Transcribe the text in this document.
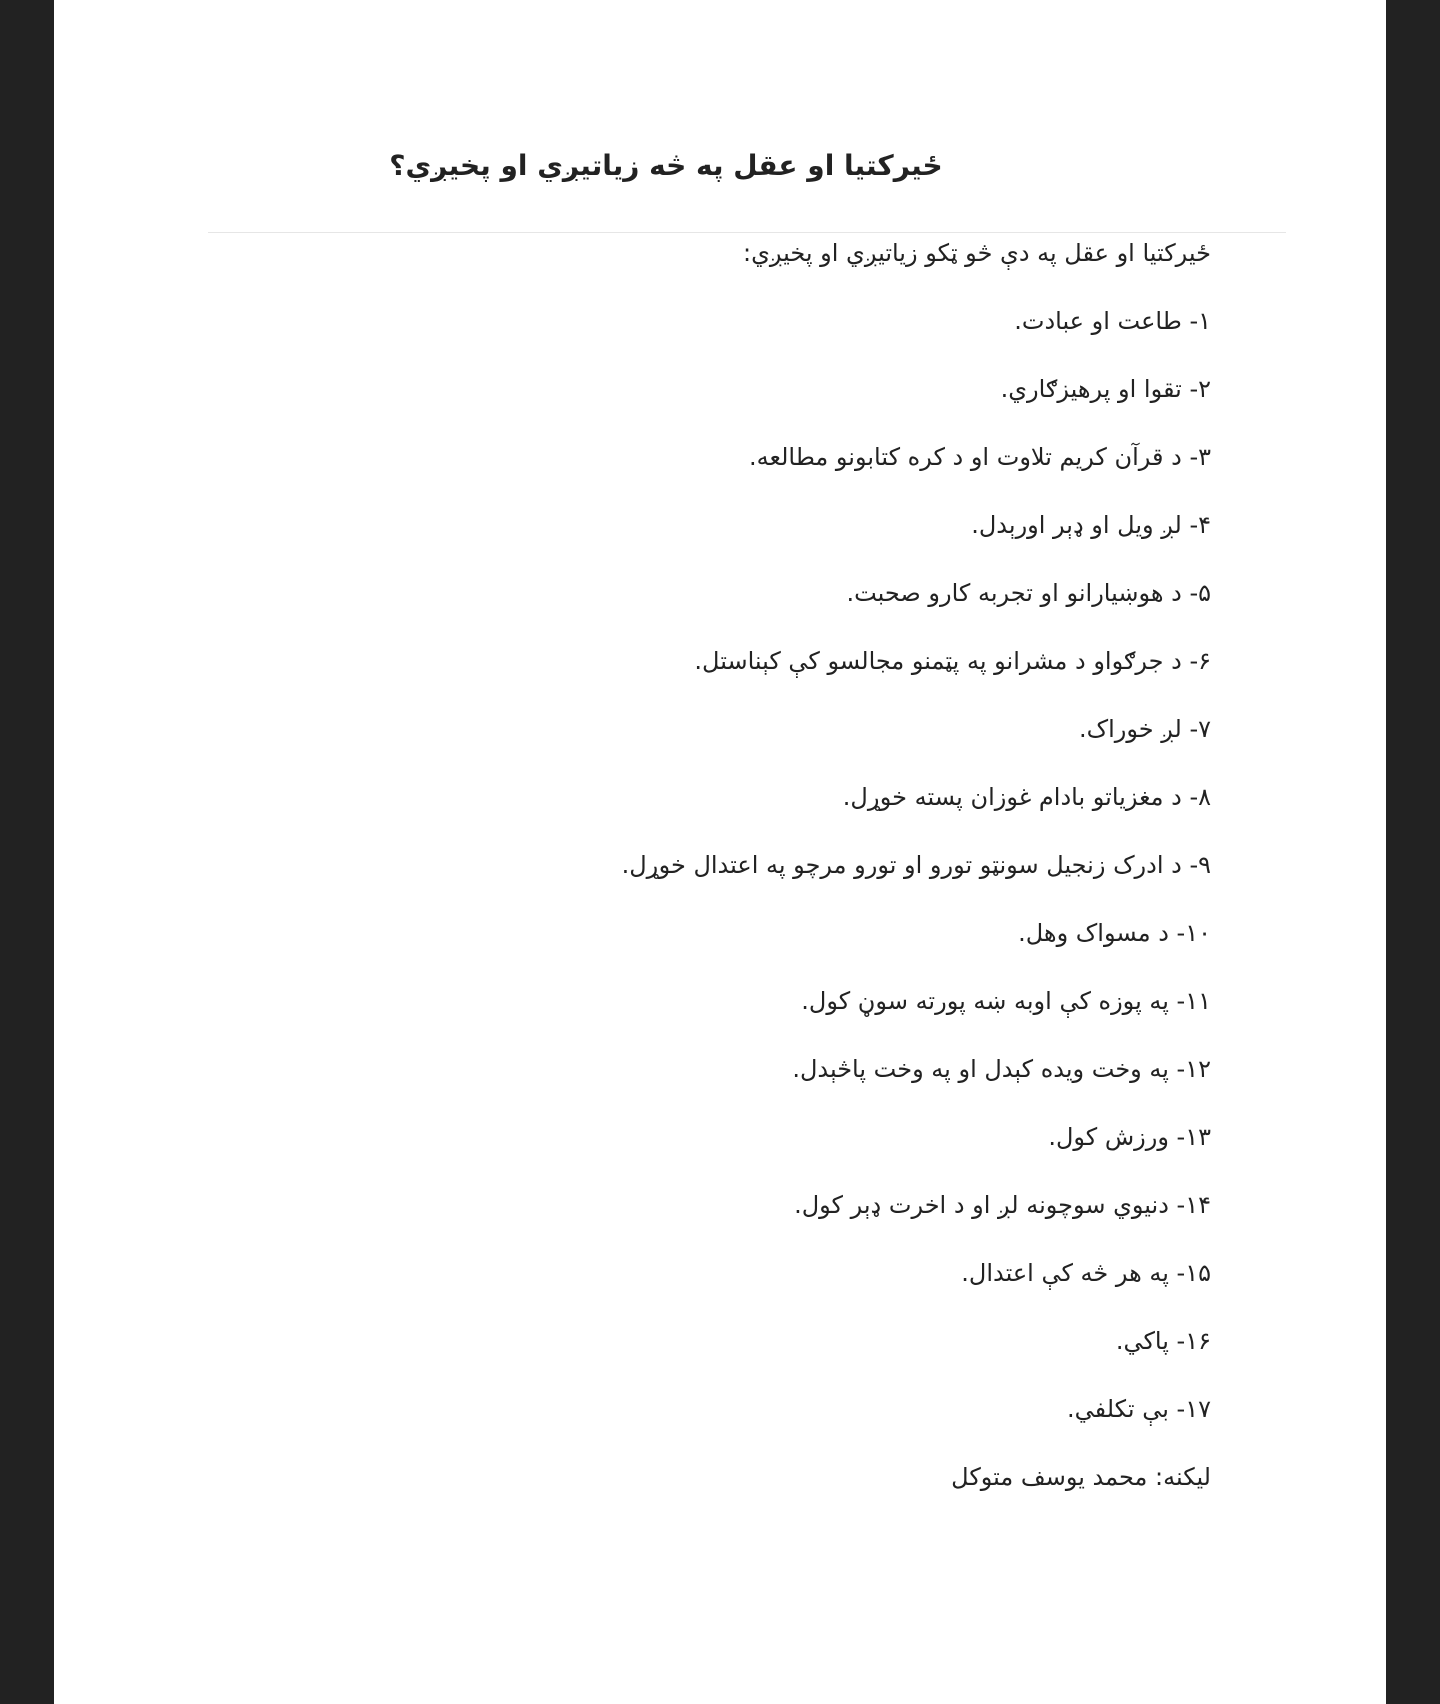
ځيرکتيا او عقل په څه زياتيږي او پخيږي؟
ځيرکتيا او عقل په دې څو ټکو زياتيږي او پخيږي:
۱- طاعت او عبادت.
۲- تقوا او پرهيزګاري.
۳- د قرآن کريم تلاوت او د کره کتابونو مطالعه.
۴- لږ ويل او ډېر اورېدل.
۵- د هوښيارانو او تجربه کارو صحبت.
۶- د جرګواو د مشرانو په پټمنو مجالسو کې کېناستل.
۷- لږ خوراک.
۸- د مغزياتو بادام غوزان پسته خوړل.
۹- د ادرک زنجيل سونټو تورو او تورو مرچو په اعتدال خوړل.
۱۰- د مسواک وهل.
۱۱- په پوزه کې اوبه ښه پورته سوڼ کول.
۱۲- په وخت ويده کېدل او په وخت پاڅېدل.
۱۳- ورزش کول.
۱۴- دنيوي سوچونه لږ او د اخرت ډېر کول.
۱۵- په هر څه کې اعتدال.
۱۶- پاکي.
۱۷- بې تکلفي.
ليکنه: محمد يوسف متوکل
